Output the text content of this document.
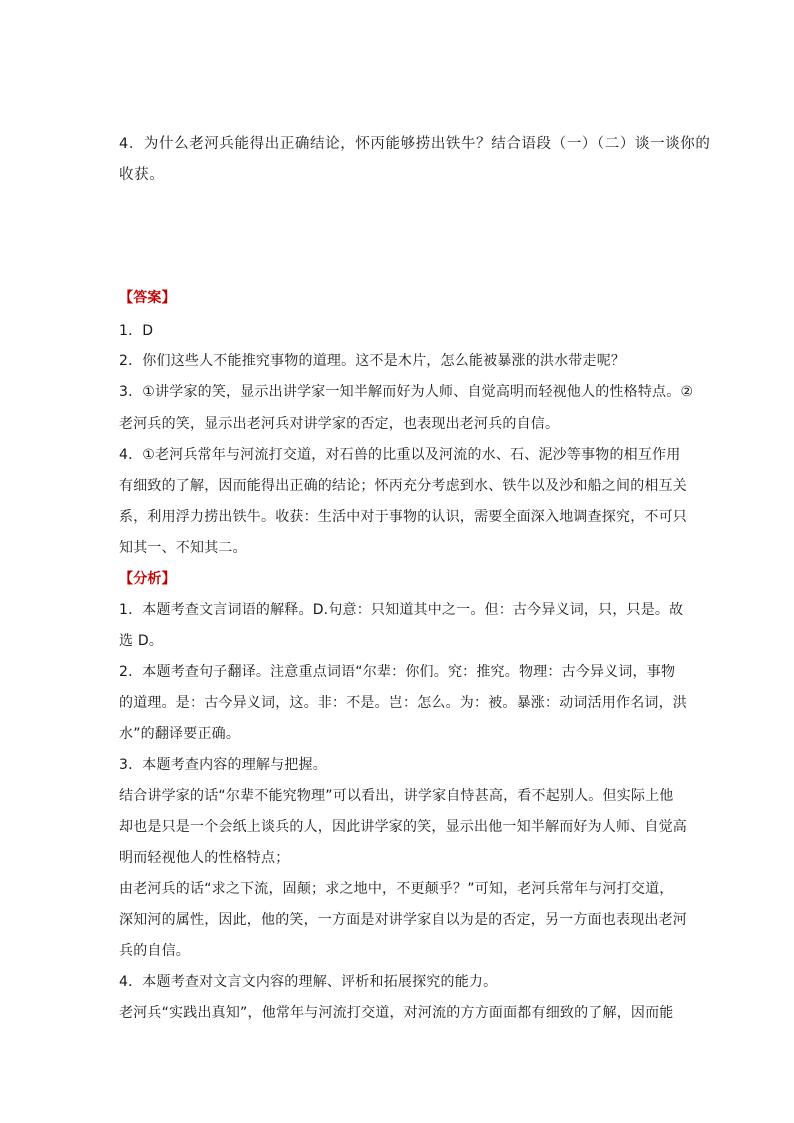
4．为什么老河兵能得出正确结论，怀丙能够捞出铁牛？结合语段（一）（二）谈一谈你的
收获。
【答案】
1．D
2．你们这些人不能推究事物的道理。这不是木片，怎么能被暴涨的洪水带走呢？
3．①讲学家的笑，显示出讲学家一知半解而好为人师、自觉高明而轻视他人的性格特点。②
老河兵的笑，显示出老河兵对讲学家的否定，也表现出老河兵的自信。
4．①老河兵常年与河流打交道，对石兽的比重以及河流的水、石、泥沙等事物的相互作用
有细致的了解，因而能得出正确的结论；怀丙充分考虑到水、铁牛以及沙和船之间的相互关
系，利用浮力捞出铁牛。收获：生活中对于事物的认识，需要全面深入地调查探究，不可只
知其一、不知其二。
【分析】
1．本题考查文言词语的解释。D.句意：只知道其中之一。但：古今异义词，只，只是。故
选 D。
2．本题考查句子翻译。注意重点词语“尔辈：你们。究：推究。物理：古今异义词，事物
的道理。是：古今异义词，这。非：不是。岂：怎么。为：被。暴涨：动词活用作名词，洪
水”的翻译要正确。
3．本题考查内容的理解与把握。
结合讲学家的话“尔辈不能究物理”可以看出，讲学家自恃甚高，看不起别人。但实际上他
却也是只是一个会纸上谈兵的人，因此讲学家的笑，显示出他一知半解而好为人师、自觉高
明而轻视他人的性格特点；
由老河兵的话“求之下流，固颠；求之地中，不更颠乎？”可知，老河兵常年与河打交道，
深知河的属性，因此，他的笑，一方面是对讲学家自以为是的否定，另一方面也表现出老河
兵的自信。
4．本题考查对文言文内容的理解、评析和拓展探究的能力。
老河兵“实践出真知”，他常年与河流打交道，对河流的方方面面都有细致的了解，因而能
